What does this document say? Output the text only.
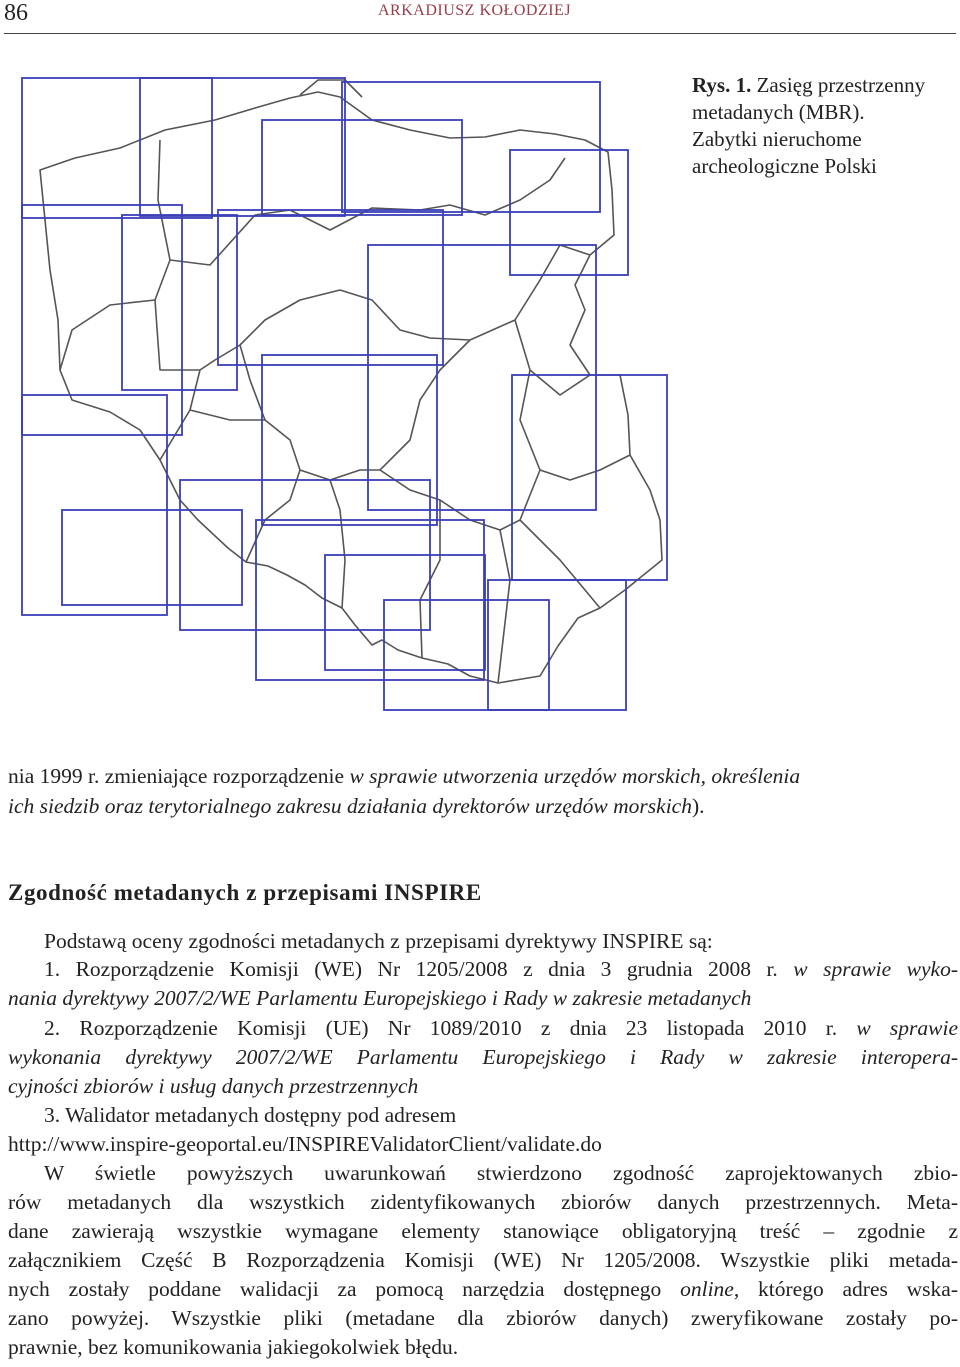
86	ARKADIUSZ KOŁODZIEJ
Rys. 1. Zasięg przestrzenny
metadanych (MBR).
Zabytki nieruchome
archeologiczne Polski

nia 1999 r. zmieniające rozporządzenie w sprawie utworzenia urzędów morskich, określenia

ich siedzib oraz terytorialnego zakresu działania dyrektorów urzędów morskich).

Zgodność metadanych z przepisami INSPIRE

Podstawą oceny zgodności metadanych z przepisami dyrektywy INSPIRE są:

1. Rozporządzenie Komisji (WE) Nr 1205/2008 z dnia 3 grudnia 2008 r. w sprawie wyko-

nania dyrektywy 2007/2/WE Parlamentu Europejskiego i Rady w zakresie metadanych

2. Rozporządzenie Komisji (UE) Nr 1089/2010 z dnia 23 listopada 2010 r. w sprawie

wykonania dyrektywy 2007/2/WE Parlamentu Europejskiego i Rady w zakresie interopera-

cyjności zbiorów i usług danych przestrzennych

3. Walidator metadanych dostępny pod adresem

http://www.inspire-geoportal.eu/INSPIREValidatorClient/validate.do

W świetle powyższych uwarunkowań stwierdzono zgodność zaprojektowanych zbio-

rów metadanych dla wszystkich zidentyfikowanych zbiorów danych przestrzennych. Meta-

dane zawierają wszystkie wymagane elementy stanowiące obligatoryjną treść – zgodnie z

załącznikiem Część B Rozporządzenia Komisji (WE) Nr 1205/2008. Wszystkie pliki metada-

nych zostały poddane walidacji za pomocą narzędzia dostępnego online, którego adres wska-

zano powyżej. Wszystkie pliki (metadane dla zbiorów danych) zweryfikowane zostały po-

prawnie, bez komunikowania jakiegokolwiek błędu.
